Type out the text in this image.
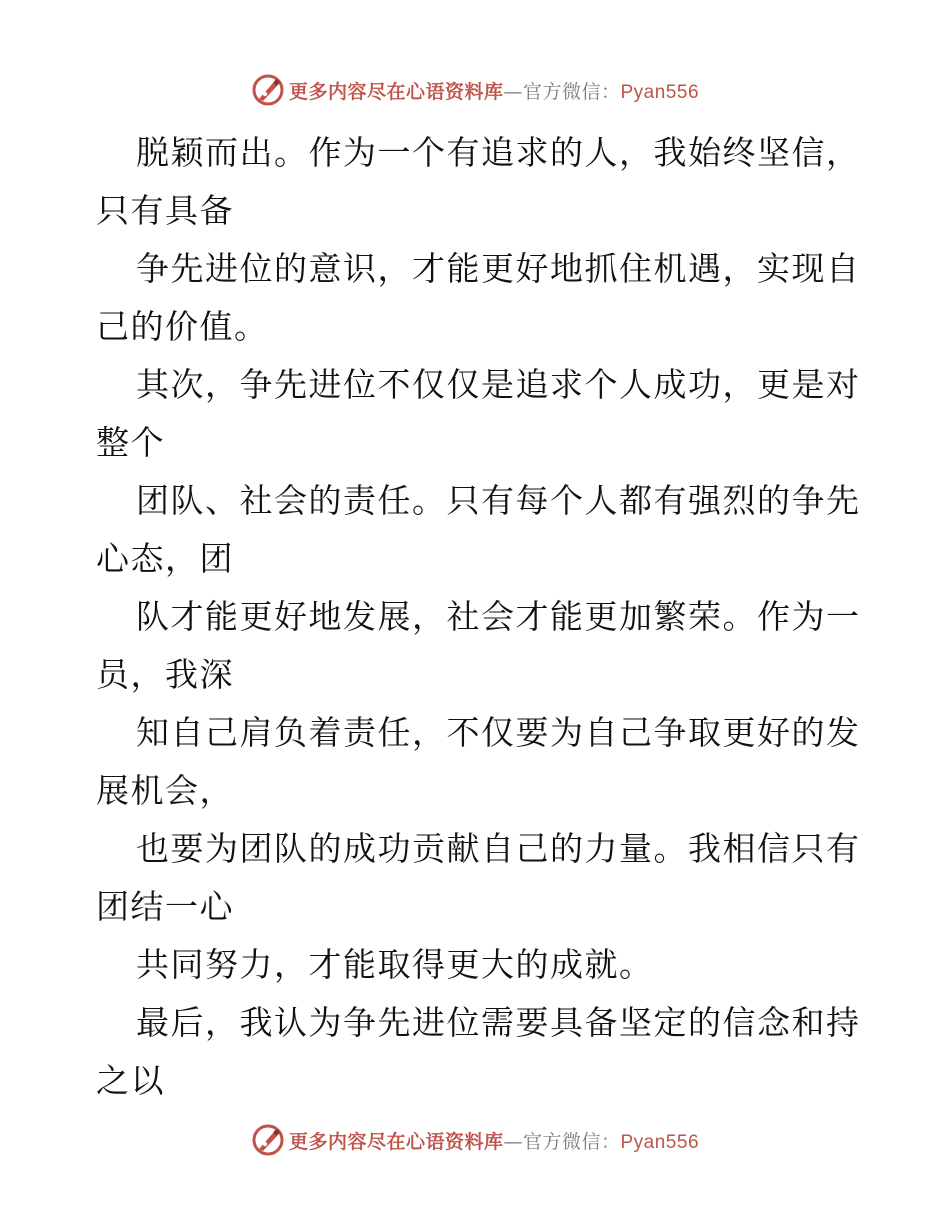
更多内容尽在心语资料库—官方微信：Pyan556
脱颖而出。作为一个有追求的人，我始终坚信，
只有具备
争先进位的意识，才能更好地抓住机遇，实现自
己的价值。
其次，争先进位不仅仅是追求个人成功，更是对
整个
团队、社会的责任。只有每个人都有强烈的争先
心态，团
队才能更好地发展，社会才能更加繁荣。作为一
员，我深
知自己肩负着责任，不仅要为自己争取更好的发
展机会，
也要为团队的成功贡献自己的力量。我相信只有
团结一心
共同努力，才能取得更大的成就。
最后，我认为争先进位需要具备坚定的信念和持
之以
更多内容尽在心语资料库—官方微信：Pyan556
